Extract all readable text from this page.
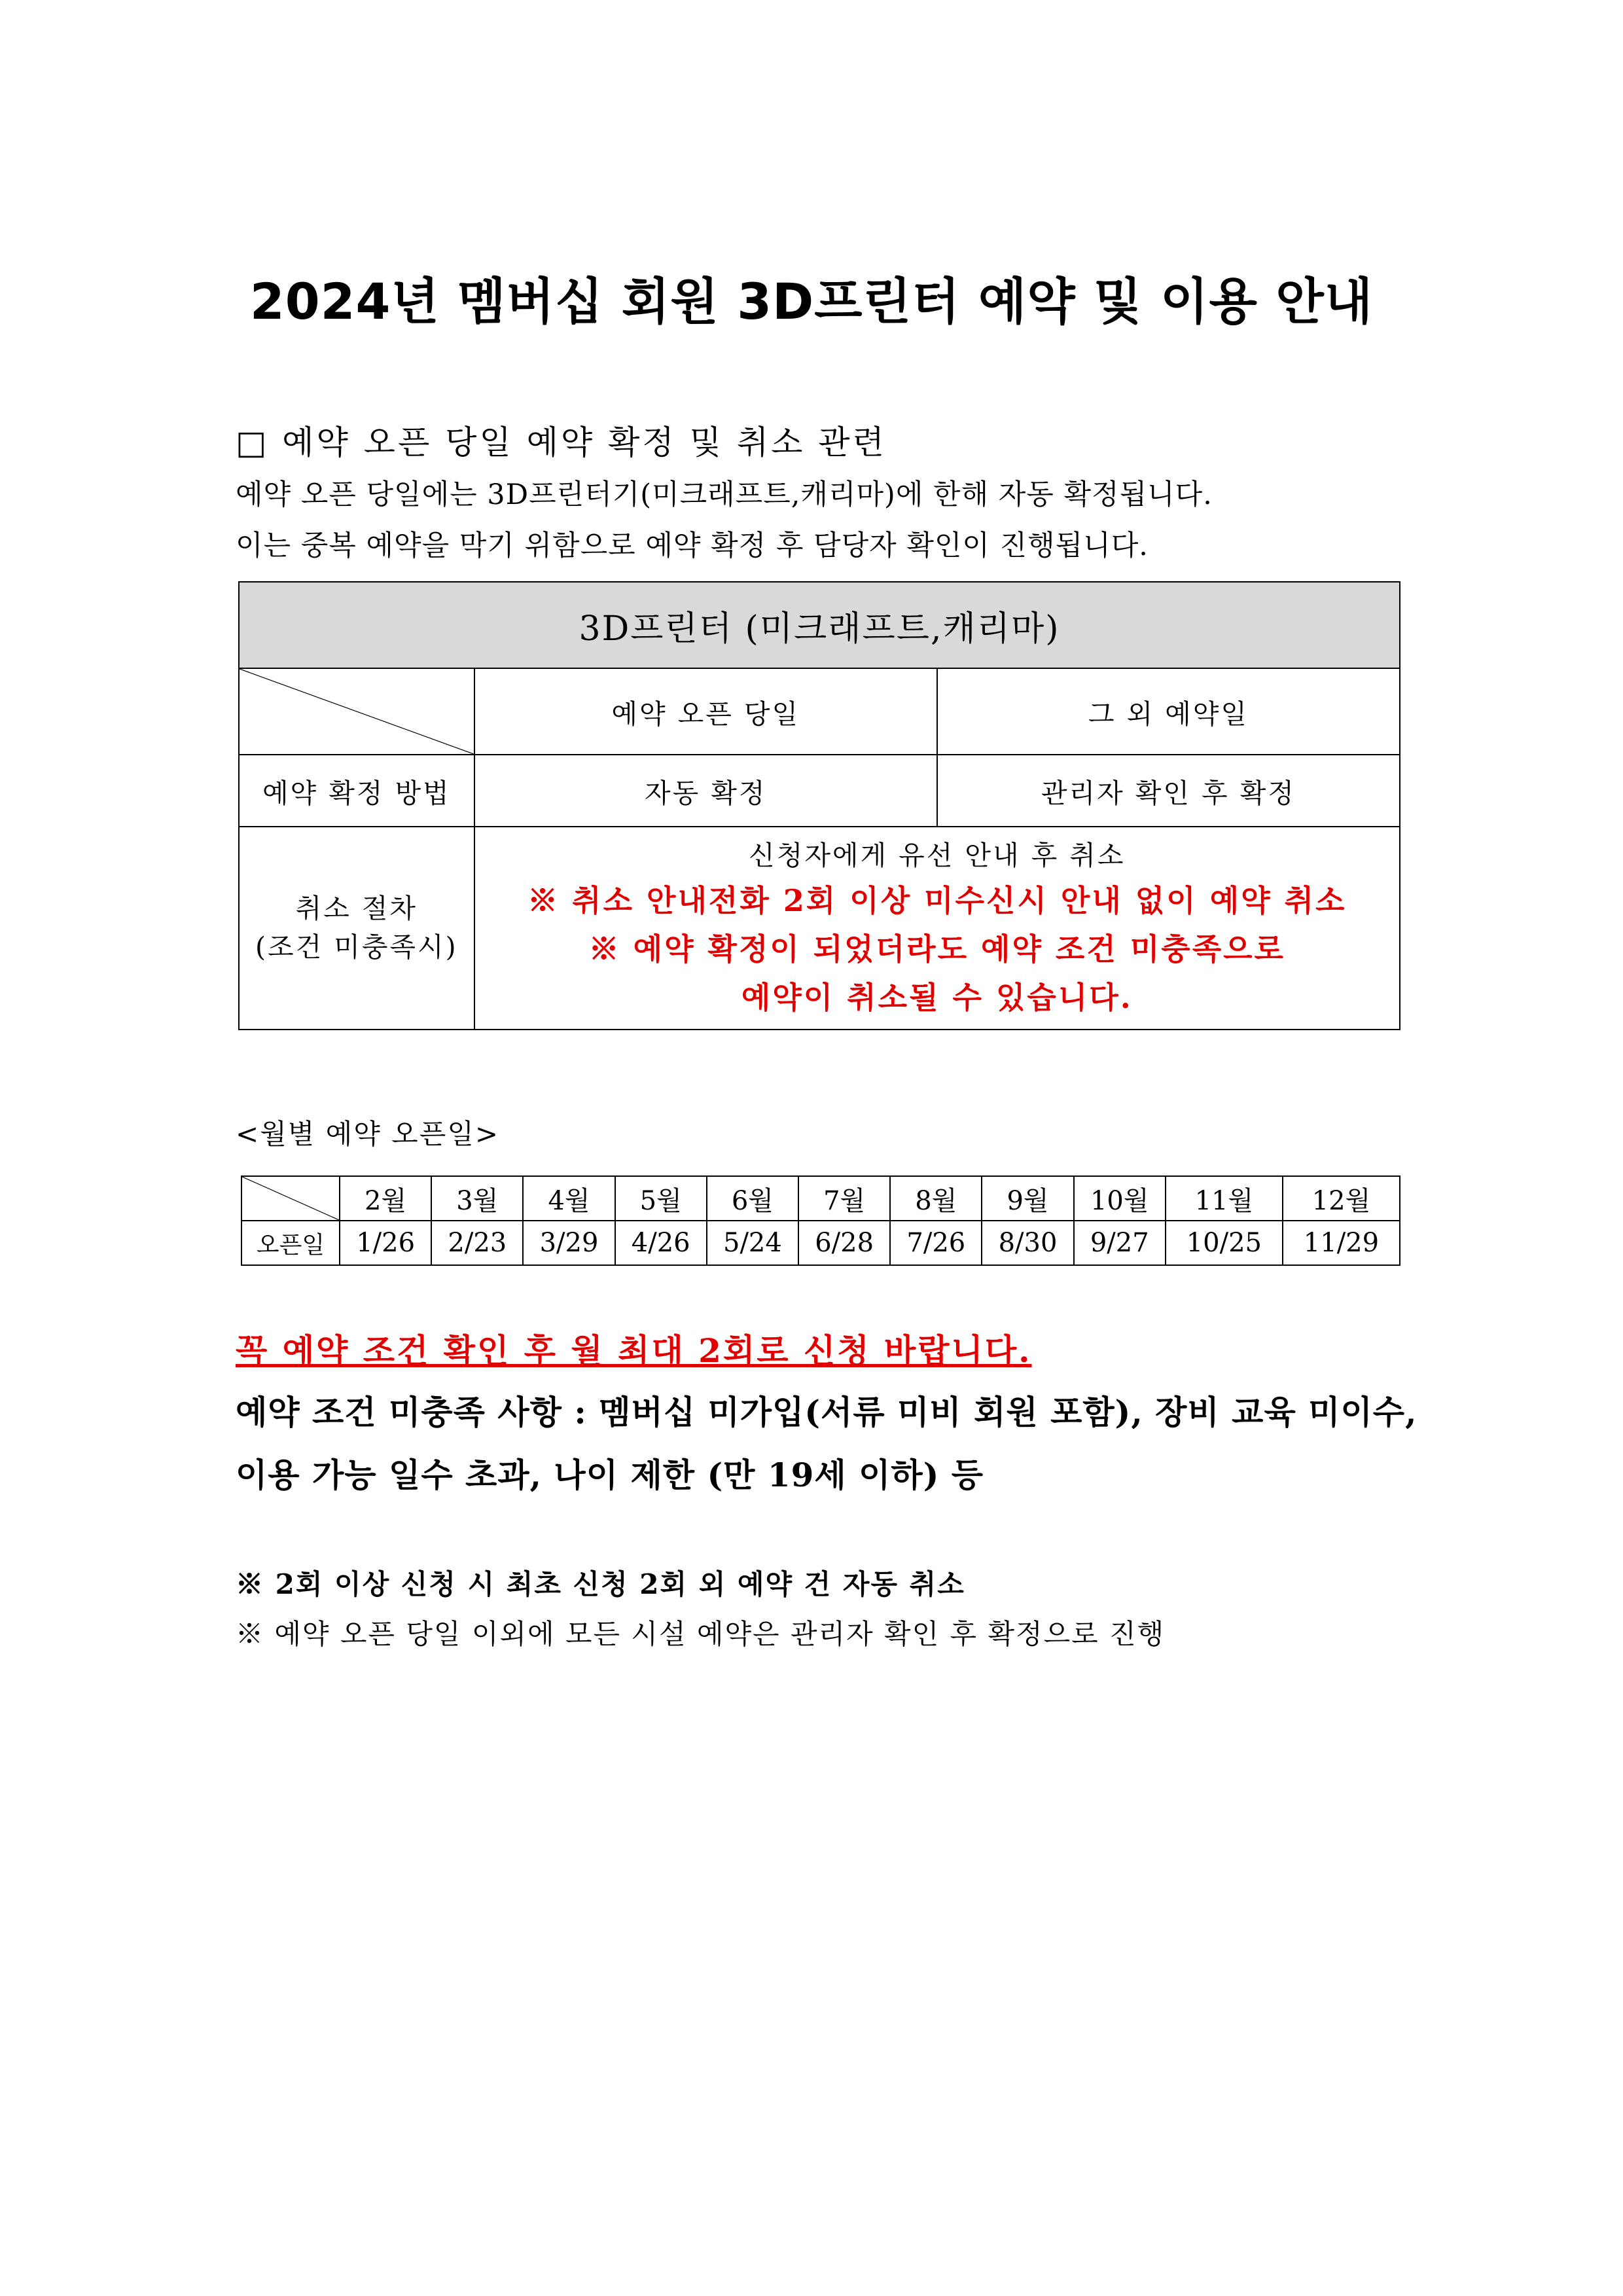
2024년 멤버십 회원 3D프린터 예약 및 이용 안내
□ 예약 오픈 당일 예약 확정 및 취소 관련
예약 오픈 당일에는 3D프린터기(미크래프트,캐리마)에 한해 자동 확정됩니다.
이는 중복 예약을 막기 위함으로 예약 확정 후 담당자 확인이 진행됩니다.
3D프린터 (미크래프트,캐리마)		

	예약 오픈 당일	그 외 예약일
예약 확정 방법	자동 확정	관리자 확인 후 확정

취소 절차
(조건 미충족시)	신청자에게 유선 안내 후 취소
※ 취소 안내전화 2회 이상 미수신시 안내 없이 예약 취소
※ 예약 확정이 되었더라도 예약 조건 미충족으로
예약이 취소될 수 있습니다.	
<월별 예약 오픈일>
	2월	3월	4월	5월	6월	7월	8월	9월	10월	11월	12월
오픈일	1/26	2/23	3/29	4/26	5/24	6/28	7/26	8/30	9/27	10/25	11/29

꼭 예약 조건 확인 후 월 최대 2회로 신청 바랍니다.

예약 조건 미충족 사항 : 멤버십 미가입(서류 미비 회원 포함), 장비 교육 미이수,
이용 가능 일수 초과, 나이 제한 (만 19세 이하) 등
※ 2회 이상 신청 시 최초 신청 2회 외 예약 건 자동 취소
※ 예약 오픈 당일 이외에 모든 시설 예약은 관리자 확인 후 확정으로 진행
